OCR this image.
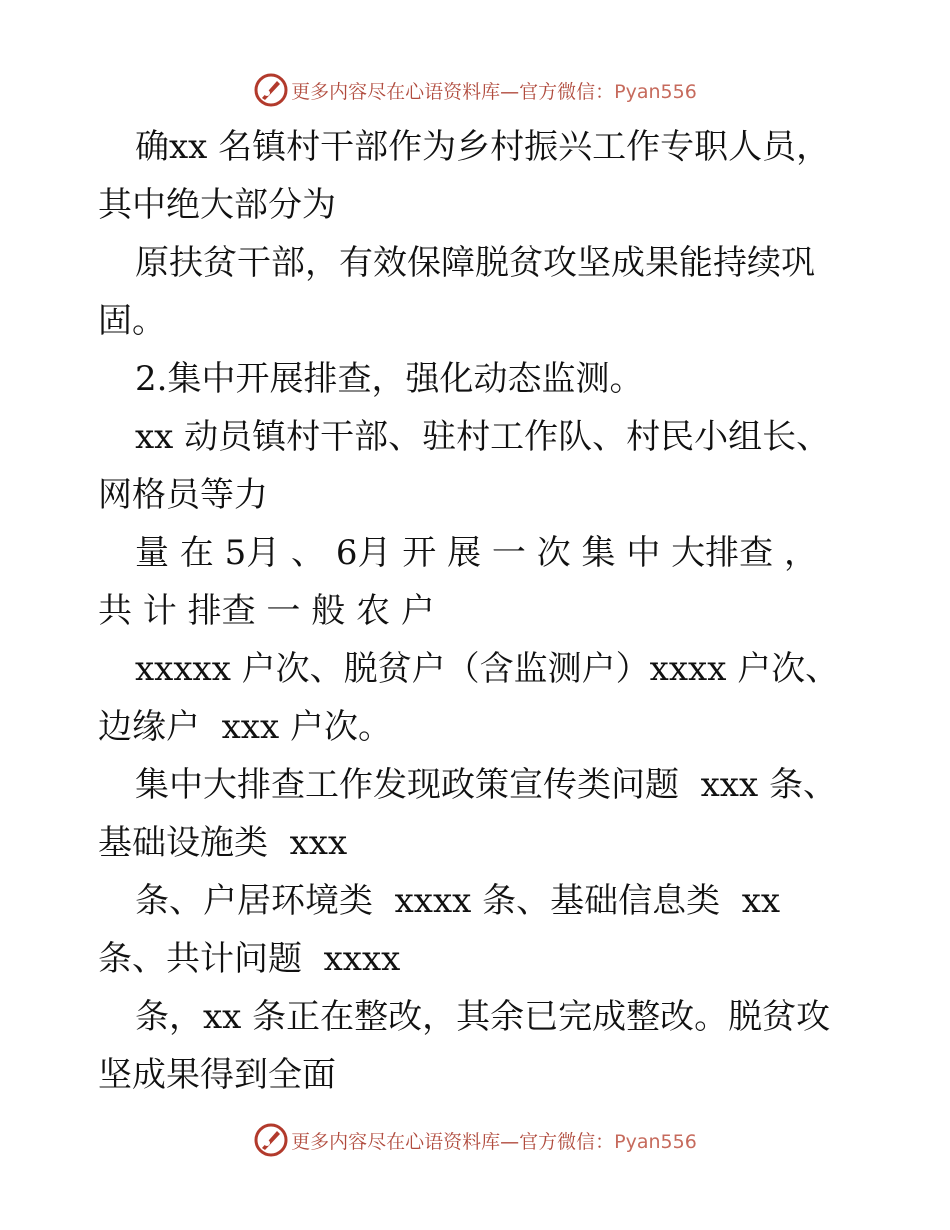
更多内容尽在心语资料库—官方微信：Pyan556

确xx 名镇村干部作为乡村振兴工作专职人员，其中绝大部分为

原扶贫干部，有效保障脱贫攻坚成果能持续巩固。

2.集中开展排查，强化动态监测。

xx 动员镇村干部、驻村工作队、村民小组长、网格员等力

量 在 5月 、 6月 开 展 一 次 集 中 大排查 ， 共 计 排查 一 般 农 户

xxxxx 户次、脱贫户（含监测户）xxxx 户次、边缘户  xxx 户次。

集中大排查工作发现政策宣传类问题  xxx 条、基础设施类  xxx

条、户居环境类  xxxx 条、基础信息类  xx 条、共计问题  xxxx

条，xx 条正在整改，其余已完成整改。脱贫攻坚成果得到全面

更多内容尽在心语资料库—官方微信：Pyan556
